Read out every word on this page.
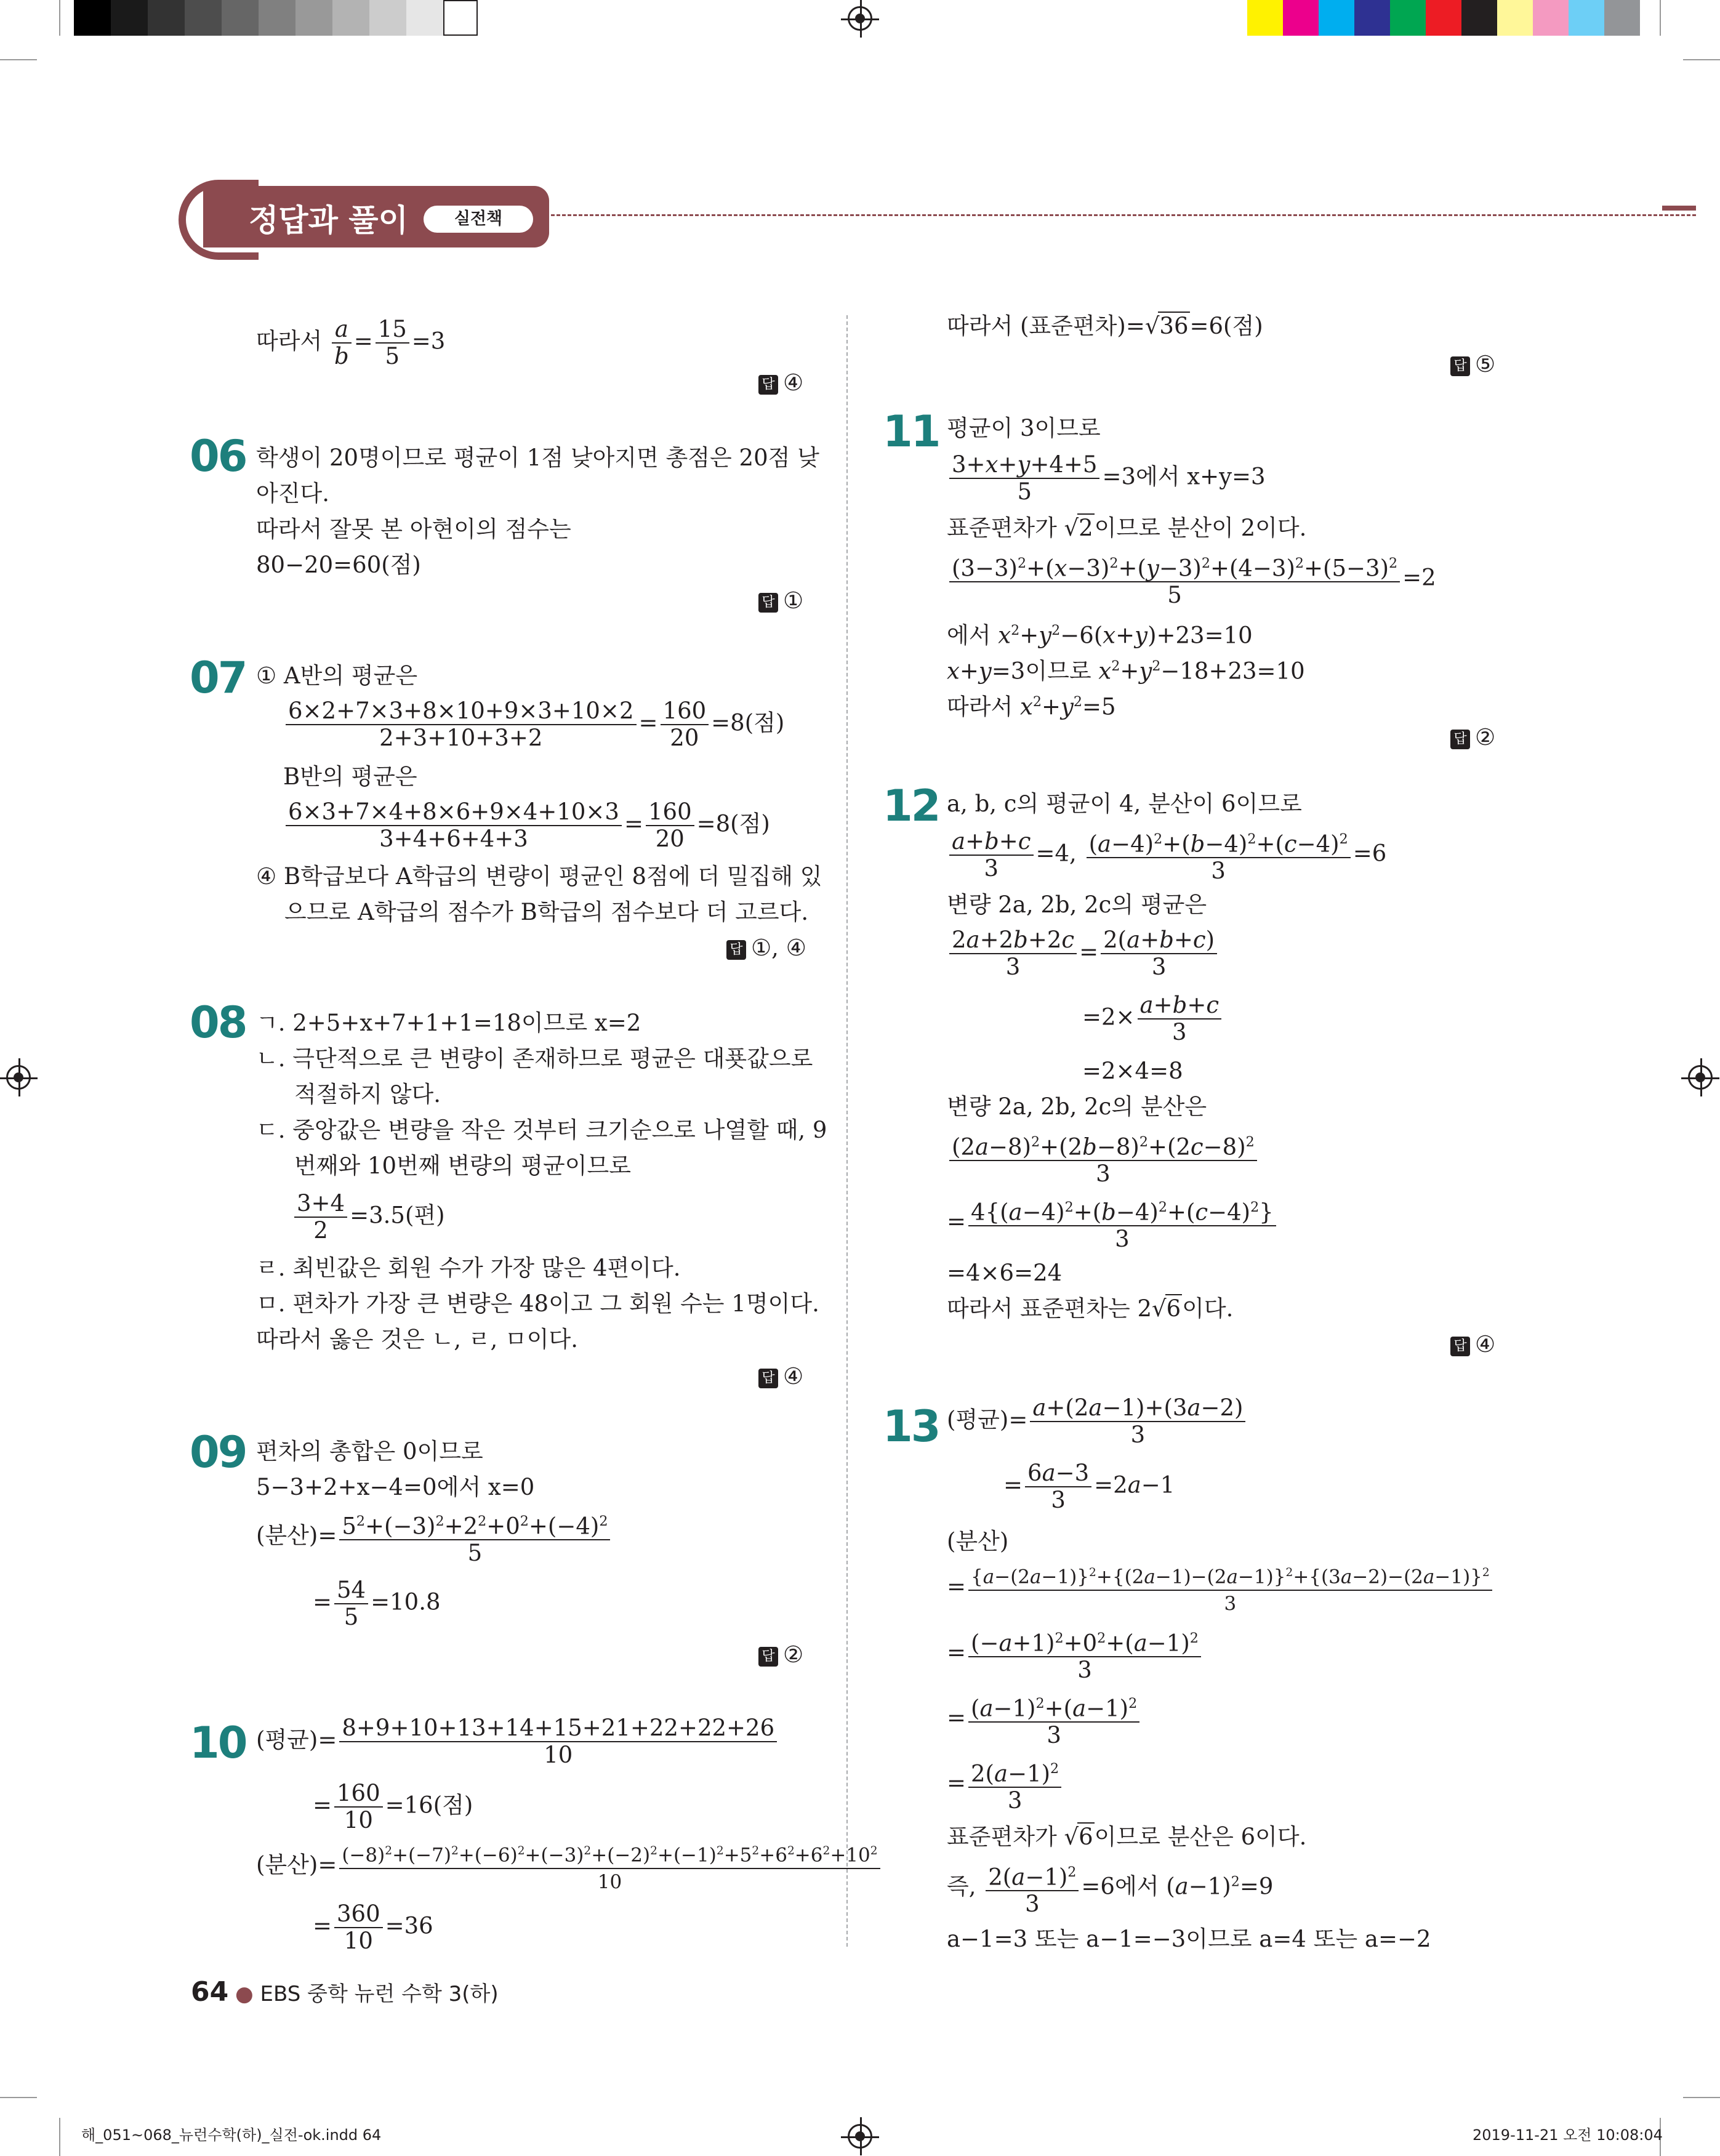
정답과 풀이	실전책
따라서 $\frac{a}{b} = \frac{15}{5} =3$
답 ④
06 학생이 20명이므로 평균이 1점 낮아지면 총점은 20점 낮
아진다.
따라서 잘못 본 아현이의 점수는
80−20=60(점)
답 ①
07 ① A반의 평균은
$\frac{6\times 2+7\times 3+8\times 10+9\times 3+10\times 2}{2+3+10+3+2} = \frac{160}{20} =8$(점)
B반의 평균은
$\frac{6\times 3+7\times 4+8\times 6+9\times 4+10\times 3}{3+4+6+4+3} = \frac{160}{20} =8$(점)
④ B학급보다 A학급의 변량이 평균인 8점에 더 밀집해 있
으므로 A학급의 점수가 B학급의 점수보다 더 고르다.
답 ①, ④
08 ㄱ. 2+5+x+7+1+1=18이므로 x=2
ㄴ. 극단적으로 큰 변량이 존재하므로 평균은 대푯값으로
적절하지 않다.
ㄷ. 중앙값은 변량을 작은 것부터 크기순으로 나열할 때, 9
번째와 10번째 변량의 평균이므로
$\frac{3+4}{2} =3.5$(편)
ㄹ. 최빈값은 회원 수가 가장 많은 4편이다.
ㅁ. 편차가 가장 큰 변량은 48이고 그 회원 수는 1명이다.
따라서 옳은 것은 ㄴ, ㄹ, ㅁ이다.
답 ④
09 편차의 총합은 0이므로
5−3+2+x−4=0에서 x=0
(분산)= $\frac{5^2+(-3)^2+2^2+0^2+(-4)^2}{5}$
= $\frac{54}{5} =10.8$
답 ②
10 (평균)= $\frac{8+9+10+13+14+15+21+22+22+26}{10}$
= $\frac{160}{10} =16$(점)
(분산)= $\frac{(-8)^2+(-7)^2+(-6)^2+(-3)^2+(-2)^2+(-1)^2+5^2+6^2+6^2+10^2}{10}$
= $\frac{360}{10} =36$
따라서 (표준편차)=√36=6(점)
답 ⑤
11 평균이 3이므로
$\frac{3+x+y+4+5}{5} =3$에서 x+y=3
표준편차가 √2이므로 분산이 2이다.
$\frac{(3-3)^2+(x-3)^2+(y-3)^2+(4-3)^2+(5-3)^2}{5} =2$
에서 $x^2+y^2-6(x+y)+23=10$
x+y=3이므로 $x^2+y^2-18+23=10$
따라서 $x^2+y^2=5$
답 ②
12 a, b, c의 평균이 4, 분산이 6이므로
$\frac{a+b+c}{3} =4$, $\frac{(a-4)^2+(b-4)^2+(c-4)^2}{3} =6$
변량 2a, 2b, 2c의 평균은
$\frac{2a+2b+2c}{3} = \frac{2(a+b+c)}{3}$
$=2\times \frac{a+b+c}{3}$
=2×4=8
변량 2a, 2b, 2c의 분산은
$\frac{(2a-8)^2+(2b-8)^2+(2c-8)^2}{3}$
= $\frac{4\{(a-4)^2+(b-4)^2+(c-4)^2\}}{3}$
=4×6=24
따라서 표준편차는 2√6이다.
답 ④
13 (평균)= $\frac{a+(2a-1)+(3a-2)}{3}$
= $\frac{6a-3}{3} =2a-1$
(분산)
= $\frac{\{a-(2a-1)\}^2+\{(2a-1)-(2a-1)\}^2+\{(3a-2)-(2a-1)\}^2}{3}$
= $\frac{(-a+1)^2+0^2+(a-1)^2}{3}$
= $\frac{(a-1)^2+(a-1)^2}{3}$
= $\frac{2(a-1)^2}{3}$
표준편차가 √6이므로 분산은 6이다.
즉, $\frac{2(a-1)^2}{3} =6$에서 $(a-1)^2=9$
a−1=3 또는 a−1=−3이므로 a=4 또는 a=−2
64 ● EBS 중학 뉴런 수학 3(하)
해_051~068_뉴런수학(하)_실전-ok.indd 64	2019-11-21 오전 10:08:04
